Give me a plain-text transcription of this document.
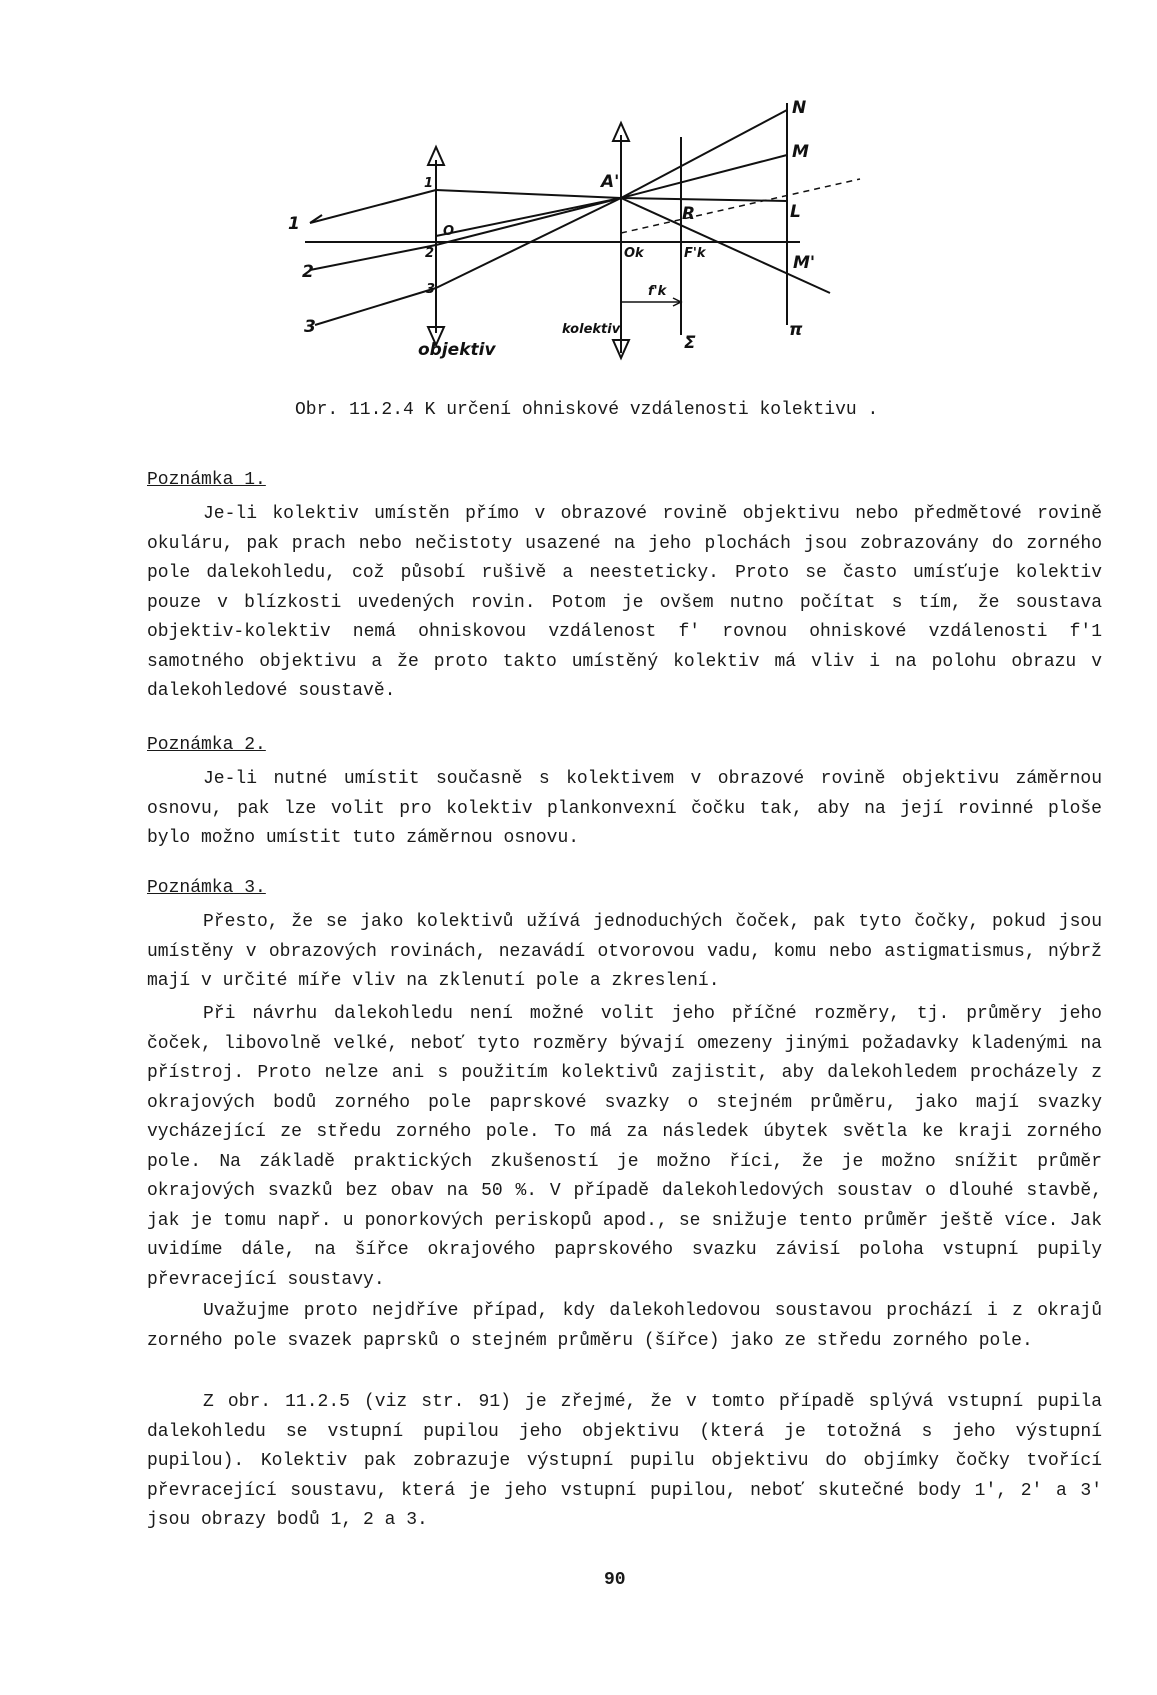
1
2
3
1
2
3
O
A'
Ok	F'k
R
N
M
L
M'
f'k
objektiv
kolektiv
Σ
π
Obr. 11.2.4 K určení ohniskové vzdálenosti kolektivu .
Poznámka 1.
Je-li kolektiv umístěn přímo v obrazové rovině objektivu nebo předmětové rovině okuláru, pak prach nebo nečistoty usazené na jeho plochách jsou zobrazovány do zorného pole dalekohledu, což působí rušivě a neesteticky. Proto se často umísťuje kolektiv pouze v blízkosti uvedených rovin. Potom je ovšem nutno počítat s tím, že soustava objektiv-kolektiv nemá ohniskovou vzdálenost f' rovnou ohniskové vzdálenosti f'1 samotného objektivu a že proto takto umístěný kolektiv má vliv i na polohu obrazu v dalekohledové soustavě.
Poznámka 2.
Je-li nutné umístit současně s kolektivem v obrazové rovině objektivu záměrnou osnovu, pak lze volit pro kolektiv plankonvexní čočku tak, aby na její rovinné ploše bylo možno umístit tuto záměrnou osnovu.
Poznámka 3.
Přesto, že se jako kolektivů užívá jednoduchých čoček, pak tyto čočky, pokud jsou umístěny v obrazových rovinách, nezavádí otvorovou vadu, komu nebo astigmatismus, nýbrž mají v určité míře vliv na zklenutí pole a zkreslení.
Při návrhu dalekohledu není možné volit jeho příčné rozměry, tj. průměry jeho čoček, libovolně velké, neboť tyto rozměry bývají omezeny jinými požadavky kladenými na přístroj. Proto nelze ani s použitím kolektivů zajistit, aby dalekohledem procházely z okrajových bodů zorného pole paprskové svazky o stejném průměru, jako mají svazky vycházející ze středu zorného pole. To má za následek úbytek světla ke kraji zorného pole. Na základě praktických zkušeností je možno říci, že je možno snížit průměr okrajových svazků bez obav na 50 %. V případě dalekohledových soustav o dlouhé stavbě, jak je tomu např. u ponorkových periskopů apod., se snižuje tento průměr ještě více. Jak uvidíme dále, na šířce okrajového paprskového svazku závisí poloha vstupní pupily převracející soustavy.
Uvažujme proto nejdříve případ, kdy dalekohledovou soustavou prochází i z okrajů zorného pole svazek paprsků o stejném průměru (šířce) jako ze středu zorného pole.
Z obr. 11.2.5 (viz str. 91) je zřejmé, že v tomto případě splývá vstupní pupila dalekohledu se vstupní pupilou jeho objektivu (která je totožná s jeho výstupní pupilou). Kolektiv pak zobrazuje výstupní pupilu objektivu do objímky čočky tvořící převracející soustavu, která je jeho vstupní pupilou, neboť skutečné body 1', 2' a 3' jsou obrazy bodů 1, 2 a 3.
90
